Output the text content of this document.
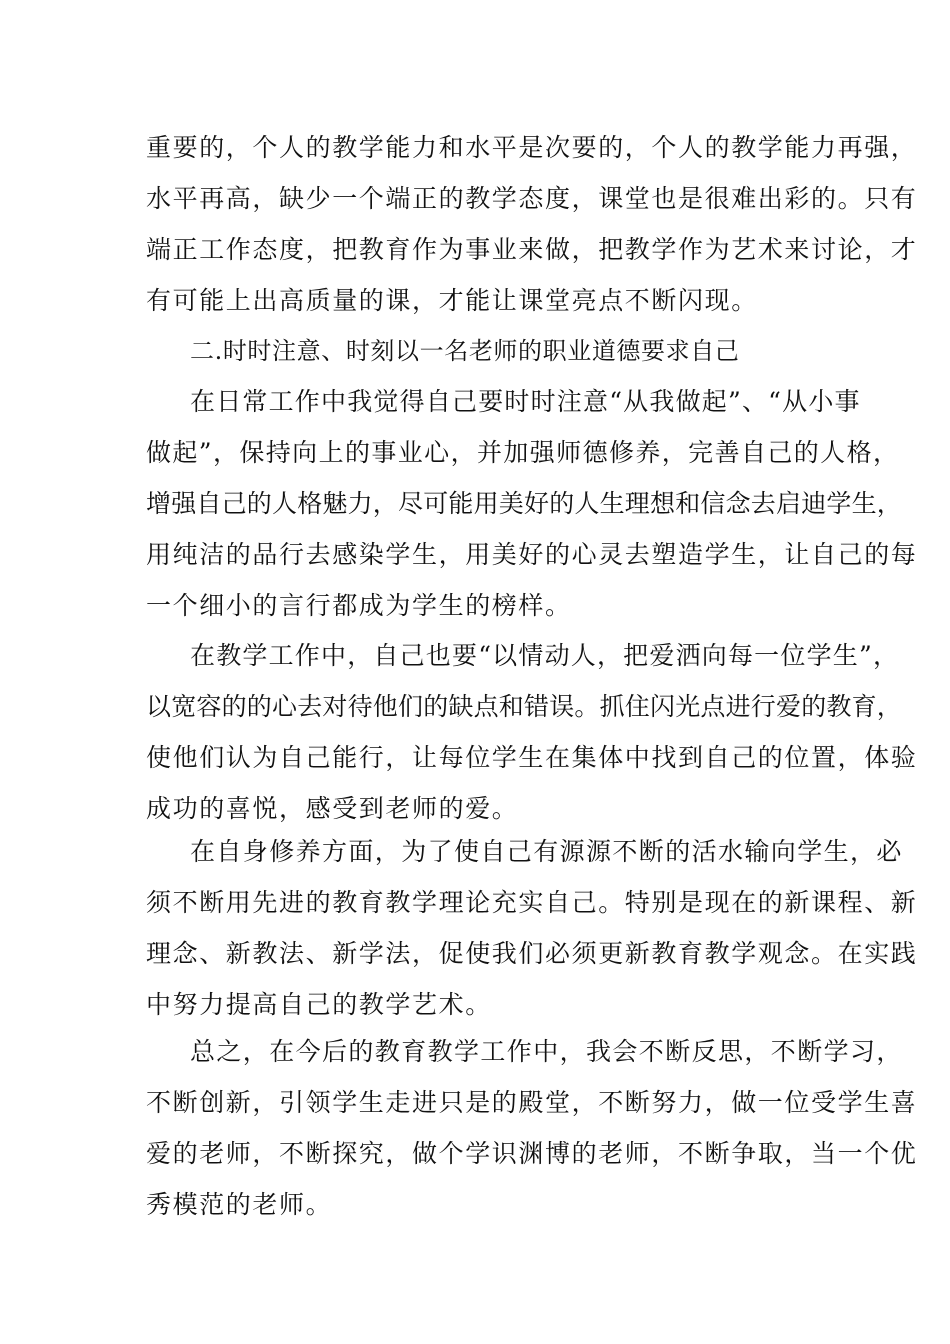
重要的，个人的教学能力和水平是次要的，个人的教学能力再强，
水平再高，缺少一个端正的教学态度，课堂也是很难出彩的。只有
端正工作态度，把教育作为事业来做，把教学作为艺术来讨论，才
有可能上出高质量的课，才能让课堂亮点不断闪现。
二.时时注意、时刻以一名老师的职业道德要求自己
在日常工作中我觉得自己要时时注意“从我做起”、“从小事
做起”，保持向上的事业心，并加强师德修养，完善自己的人格，
增强自己的人格魅力，尽可能用美好的人生理想和信念去启迪学生，
用纯洁的品行去感染学生，用美好的心灵去塑造学生，让自己的每
一个细小的言行都成为学生的榜样。
在教学工作中，自己也要“以情动人，把爱洒向每一位学生”，
以宽容的的心去对待他们的缺点和错误。抓住闪光点进行爱的教育，
使他们认为自己能行，让每位学生在集体中找到自己的位置，体验
成功的喜悦，感受到老师的爱。
在自身修养方面，为了使自己有源源不断的活水输向学生，必
须不断用先进的教育教学理论充实自己。特别是现在的新课程、新
理念、新教法、新学法，促使我们必须更新教育教学观念。在实践
中努力提高自己的教学艺术。
总之，在今后的教育教学工作中，我会不断反思，不断学习，
不断创新，引领学生走进只是的殿堂，不断努力，做一位受学生喜
爱的老师，不断探究，做个学识渊博的老师，不断争取，当一个优
秀模范的老师。
